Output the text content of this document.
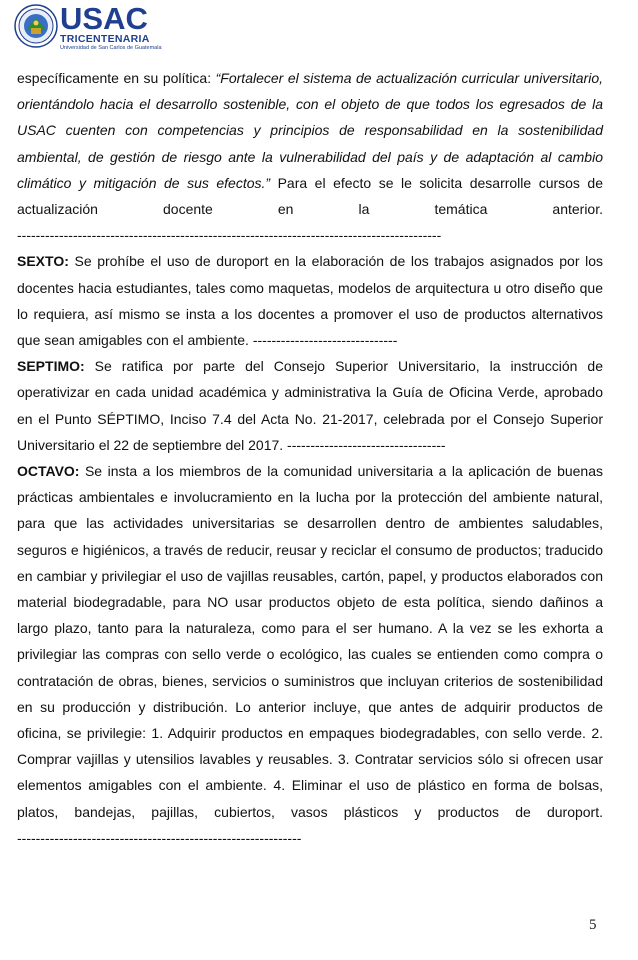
USAC
TRICENTENARIA
Universidad de San Carlos de Guatemala

específicamente en su política: “Fortalecer el sistema de actualización curricular universitario, orientándolo hacia el desarrollo sostenible, con el objeto de que todos los egresados de la USAC cuenten con competencias y principios de responsabilidad en la sostenibilidad ambiental, de gestión de riesgo ante la vulnerabilidad del país y de adaptación al cambio climático y mitigación de sus efectos.” Para el efecto se le solicita desarrolle cursos de actualización docente en la temática anterior. -------------------------------------------------------------------------------------------

SEXTO: Se prohíbe el uso de duroport en la elaboración de los trabajos asignados por los docentes hacia estudiantes, tales como maquetas, modelos de arquitectura u otro diseño que lo requiera, así mismo se insta a los docentes a promover el uso de productos alternativos que sean amigables con el ambiente. -------------------------------

SEPTIMO: Se ratifica por parte del Consejo Superior Universitario, la instrucción de operativizar en cada unidad académica y administrativa la Guía de Oficina Verde, aprobado en el Punto SÉPTIMO, Inciso 7.4 del Acta No. 21-2017, celebrada por el Consejo Superior Universitario el 22 de septiembre del 2017. ----------------------------------

OCTAVO: Se insta a los miembros de la comunidad universitaria a la aplicación de buenas prácticas ambientales e involucramiento en la lucha por la protección del ambiente natural, para que las actividades universitarias se desarrollen dentro de ambientes saludables, seguros e higiénicos, a través de reducir, reusar y reciclar el consumo de productos; traducido en cambiar y privilegiar el uso de vajillas reusables, cartón, papel, y productos elaborados con material biodegradable, para NO usar productos objeto de esta política, siendo dañinos a largo plazo, tanto para la naturaleza, como para el ser humano. A la vez se les exhorta a privilegiar las compras con sello verde o ecológico, las cuales se entienden como compra o contratación de obras, bienes, servicios o suministros que incluyan criterios de sostenibilidad en su producción y distribución. Lo anterior incluye, que antes de adquirir productos de oficina, se privilegie: 1. Adquirir productos en empaques biodegradables, con sello verde. 2. Comprar vajillas y utensilios lavables y reusables. 3. Contratar servicios sólo si ofrecen usar elementos amigables con el ambiente. 4. Eliminar el uso de plástico en forma de bolsas, platos, bandejas, pajillas, cubiertos, vasos plásticos y productos de duroport. -------------------------------------------------------------

5
